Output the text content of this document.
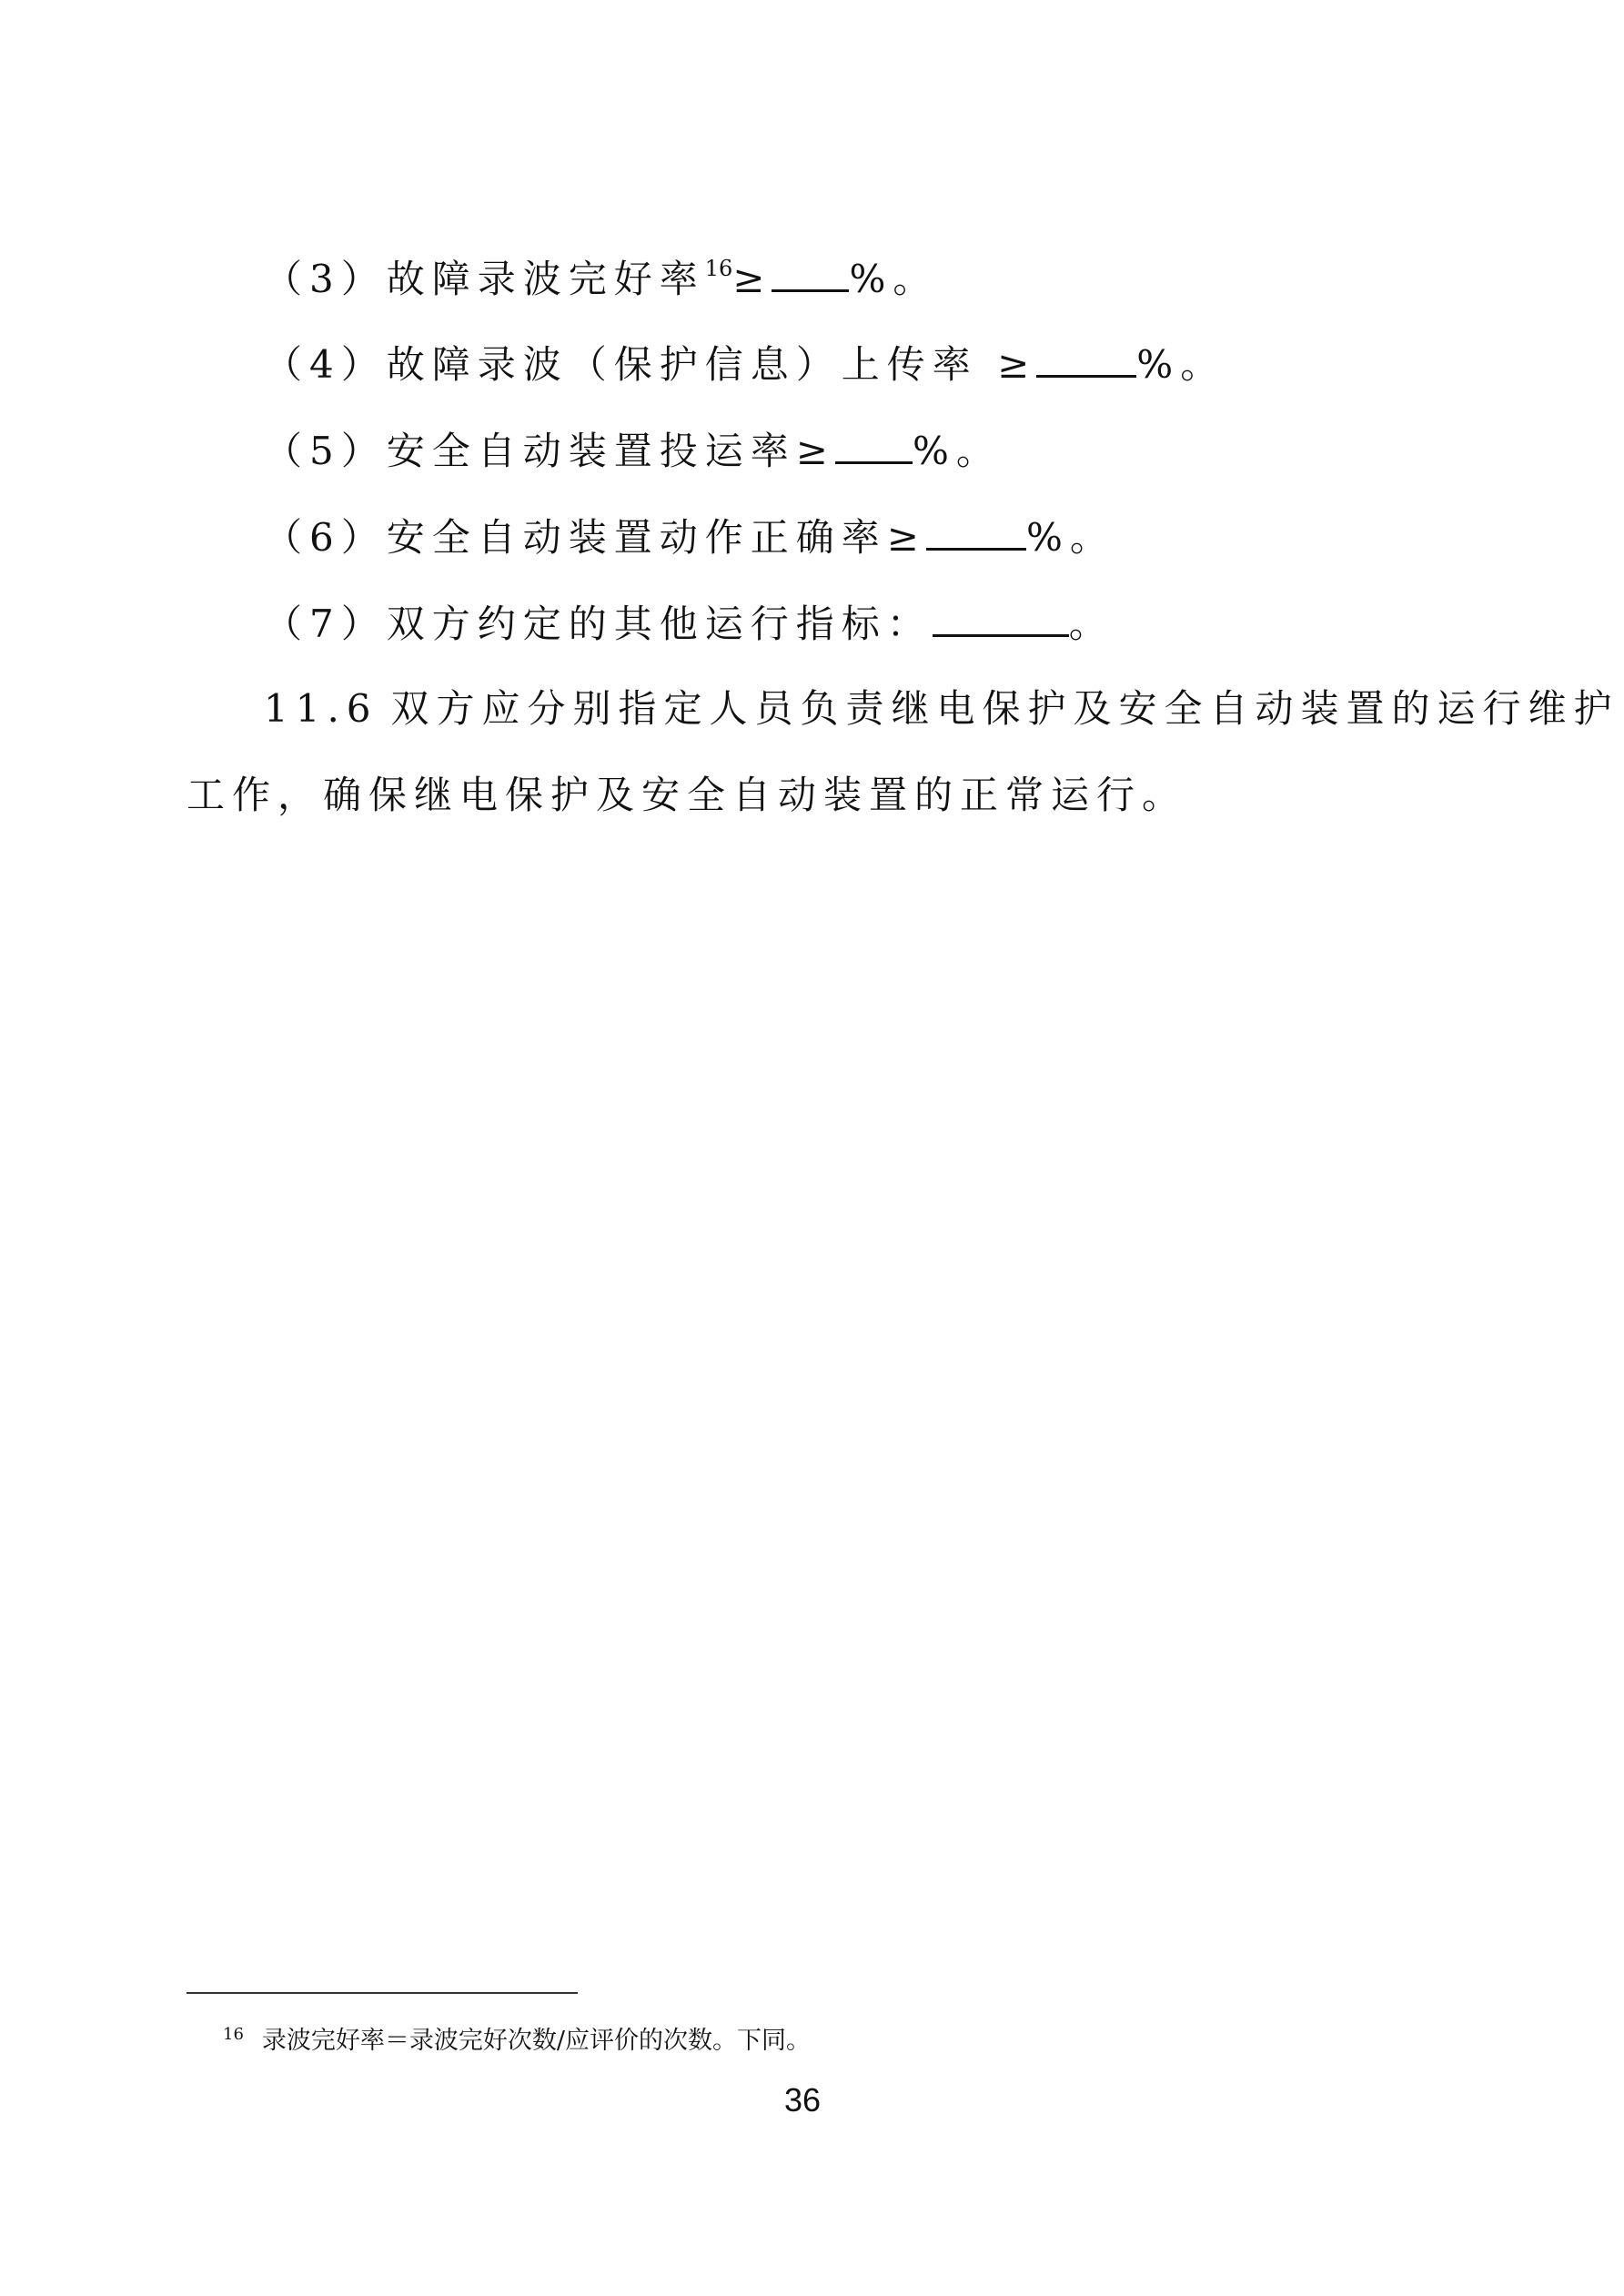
（3）故障录波完好率$^{16}$≥ %。
（4）故障录波（保护信息）上传率 ≥	%。
（5）安全自动装置投运率≥ %。
（6）安全自动装置动作正确率≥	%。
（7）双方约定的其他运行指标：	。
11.6 双方应分别指定人员负责继电保护及安全自动装置的运行维护
工作，确保继电保护及安全自动装置的正常运行。
$^{16}$ 录波完好率＝录波完好次数/应评价的次数。下同。
36
